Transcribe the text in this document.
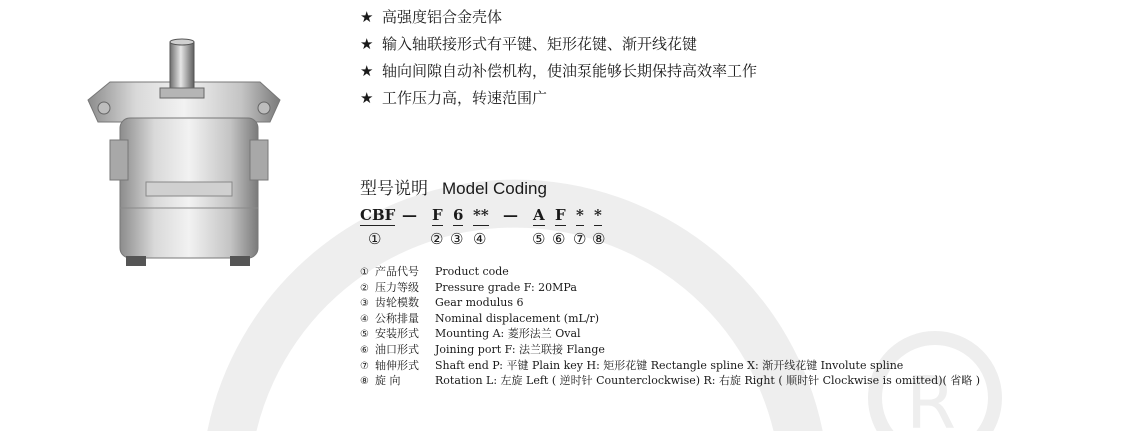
R
★ 高强度铝合金壳体
★ 输入轴联接形式有平键、矩形花键、渐开线花键
★ 轴向间隙自动补偿机构，使油泵能够长期保持高效率工作
★ 工作压力高，转速范围广
型号说明 Model Coding
CBF — F 6 ** — A F * *
①	② ③ ④	⑤ ⑥ ⑦ ⑧
① 产品代号 Product code
② 压力等级 Pressure grade F: 20MPa
③ 齿轮模数 Gear modulus 6
④ 公称排量 Nominal displacement (mL/r)
⑤ 安装形式 Mounting A: 菱形法兰 Oval
⑥ 油口形式 Joining port F: 法兰联接 Flange
⑦ 轴伸形式 Shaft end P: 平键 Plain key H: 矩形花键 Rectangle spline X: 渐开线花键 Involute spline
⑧ 旋 向	Rotation L: 左旋 Left ( 逆时针 Counterclockwise) R: 右旋 Right ( 顺时针 Clockwise is omitted)( 省略 )
